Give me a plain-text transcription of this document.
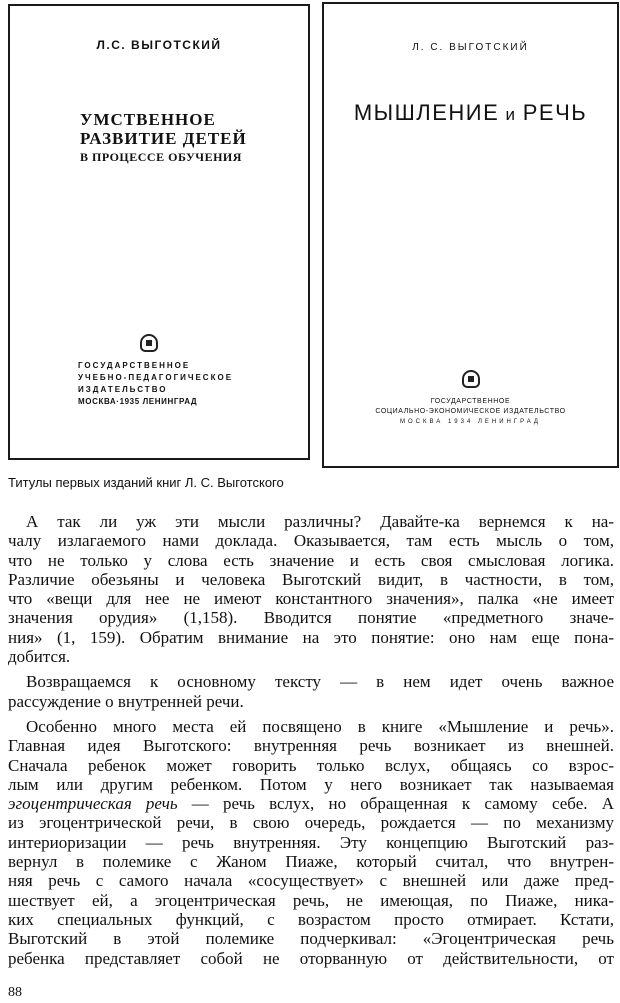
Л.С. ВЫГОТСКИЙ

УМСТВЕННОЕ
РАЗВИТИЕ ДЕТЕЙ
В ПРОЦЕССЕ ОБУЧЕНИЯ
ГОСУДАРСТВЕННОЕ
УЧЕБНО-ПЕДАГОГИЧЕСКОЕ
ИЗДАТЕЛЬСТВО
МОСКВА·1935 ЛЕНИНГРАД

Л. С. ВЫГОТСКИЙ

МЫШЛЕНИЕ и РЕЧЬ

ГОСУДАРСТВЕННОЕ
СОЦИАЛЬНО-ЭКОНОМИЧЕСКОЕ ИЗДАТЕЛЬСТВО
МОСКВА 1934 ЛЕНИНГРАД

Титулы первых изданий книг Л. С. Выготского

А так ли уж эти мысли различны? Давайте-ка вернемся к на-
чалу излагаемого нами доклада. Оказывается, там есть мысль о том,
что не только у слова есть значение и есть своя смысловая логика.
Различие обезьяны и человека Выготский видит, в частности, в том,
что «вещи для нее не имеют константного значения», палка «не имеет
значения орудия» (1,158). Вводится понятие «предметного значе-
ния» (1, 159). Обратим внимание на это понятие: оно нам еще пона-
добится.
Возвращаемся к основному тексту — в нем идет очень важное
рассуждение о внутренней речи.
Особенно много места ей посвящено в книге «Мышление и речь».
Главная идея Выготского: внутренняя речь возникает из внешней.
Сначала ребенок может говорить только вслух, общаясь со взрос-
лым или другим ребенком. Потом у него возникает так называемая
эгоцентрическая речь — речь вслух, но обращенная к самому себе. А
из эгоцентрической речи, в свою очередь, рождается — по механизму
интериоризации — речь внутренняя. Эту концепцию Выготский раз-
вернул в полемике с Жаном Пиаже, который считал, что внутрен-
няя речь с самого начала «сосуществует» с внешней или даже пред-
шествует ей, а эгоцентрическая речь, не имеющая, по Пиаже, ника-
ких специальных функций, с возрастом просто отмирает. Кстати,
Выготский в этой полемике подчеркивал: «Эгоцентрическая речь
ребенка представляет собой не оторванную от действительности, от

88
